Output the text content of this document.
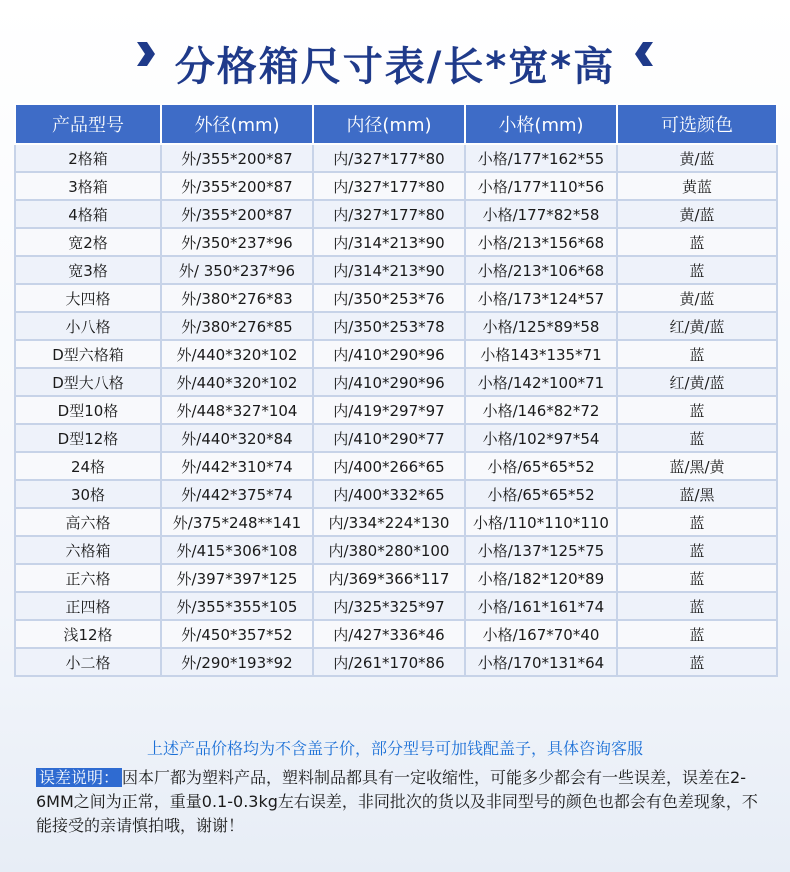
分格箱尺寸表/长*宽*高
产品型号	外径(mm)	内径(mm)	小格(mm)	可选颜色
2格箱	外/355*200*87	内/327*177*80	小格/177*162*55	黄/蓝
3格箱	外/355*200*87	内/327*177*80	小格/177*110*56	黄蓝
4格箱	外/355*200*87	内/327*177*80	小格/177*82*58	黄/蓝
宽2格	外/350*237*96	内/314*213*90	小格/213*156*68	蓝
宽3格	外/ 350*237*96	内/314*213*90	小格/213*106*68	蓝
大四格	外/380*276*83	内/350*253*76	小格/173*124*57	黄/蓝
小八格	外/380*276*85	内/350*253*78	小格/125*89*58	红/黄/蓝
D型六格箱	外/440*320*102	内/410*290*96	小格143*135*71	蓝
D型大八格	外/440*320*102	内/410*290*96	小格/142*100*71	红/黄/蓝
D型10格	外/448*327*104	内/419*297*97	小格/146*82*72	蓝
D型12格	外/440*320*84	内/410*290*77	小格/102*97*54	蓝
24格	外/442*310*74	内/400*266*65	小格/65*65*52	蓝/黑/黄
30格	外/442*375*74	内/400*332*65	小格/65*65*52	蓝/黑
高六格	外/375*248**141	内/334*224*130	小格/110*110*110	蓝
六格箱	外/415*306*108	内/380*280*100	小格/137*125*75	蓝
正六格	外/397*397*125	内/369*366*117	小格/182*120*89	蓝
正四格	外/355*355*105	内/325*325*97	小格/161*161*74	蓝
浅12格	外/450*357*52	内/427*336*46	小格/167*70*40	蓝
小二格	外/290*193*92	内/261*170*86	小格/170*131*64	蓝
上述产品价格均为不含盖子价，部分型号可加钱配盖子，具体咨询客服
误差说明： 因本厂都为塑料产品，塑料制品都具有一定收缩性，可能多少都会有一些误差，误差在2-6MM之间为正常，重量0.1-0.3kg左右误差，非同批次的货以及非同型号的颜色也都会有色差现象，不能接受的亲请慎拍哦，谢谢！
